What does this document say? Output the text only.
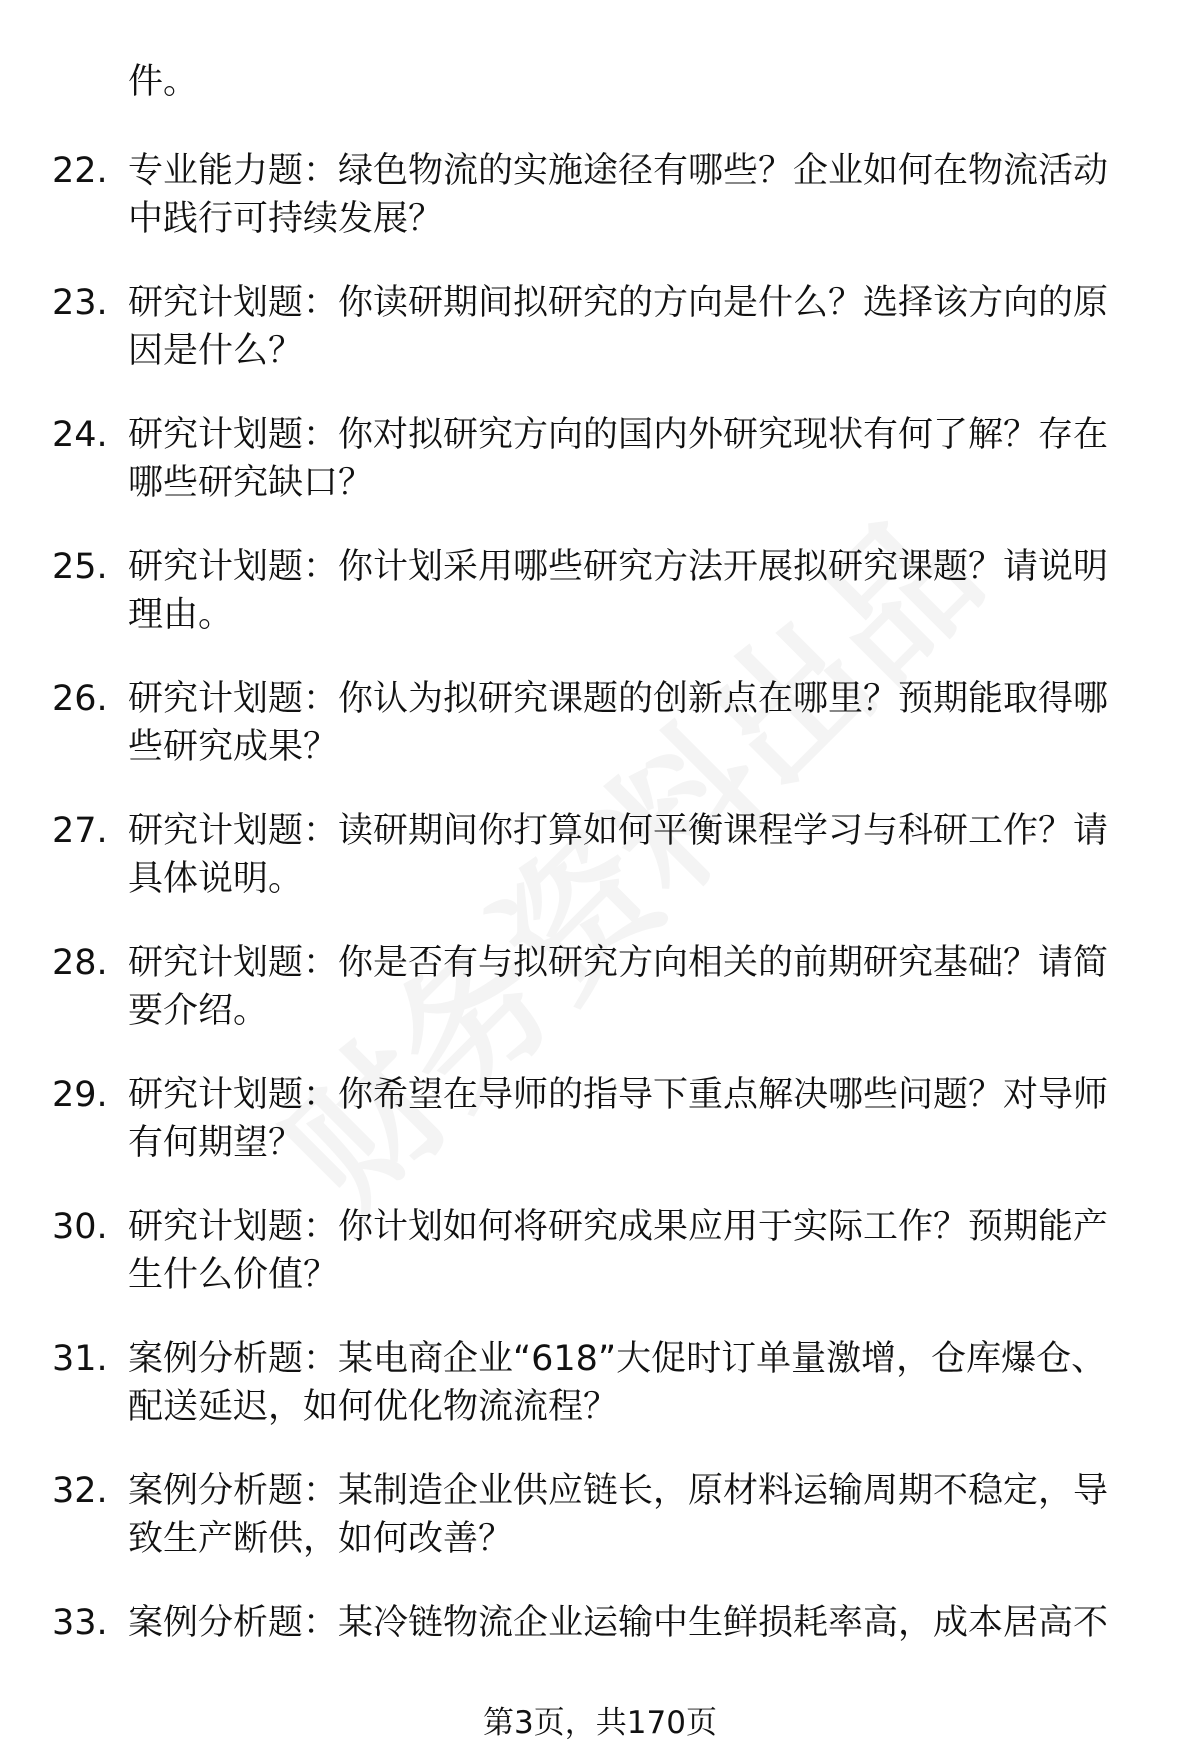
件。
22. 专业能力题：绿色物流的实施途径有哪些？企业如何在物流活动中践行可持续发展？
23. 研究计划题：你读研期间拟研究的方向是什么？选择该方向的原因是什么？
24. 研究计划题：你对拟研究方向的国内外研究现状有何了解？存在哪些研究缺口？
25. 研究计划题：你计划采用哪些研究方法开展拟研究课题？请说明理由。
26. 研究计划题：你认为拟研究课题的创新点在哪里？预期能取得哪些研究成果？
27. 研究计划题：读研期间你打算如何平衡课程学习与科研工作？请具体说明。
28. 研究计划题：你是否有与拟研究方向相关的前期研究基础？请简要介绍。
29. 研究计划题：你希望在导师的指导下重点解决哪些问题？对导师有何期望？
30. 研究计划题：你计划如何将研究成果应用于实际工作？预期能产生什么价值？
31. 案例分析题：某电商企业“618”大促时订单量激增，仓库爆仓、配送延迟，如何优化物流流程？
32. 案例分析题：某制造企业供应链长，原材料运输周期不稳定，导致生产断供，如何改善？
33. 案例分析题：某冷链物流企业运输中生鲜损耗率高，成本居高不
第3页，共170页
